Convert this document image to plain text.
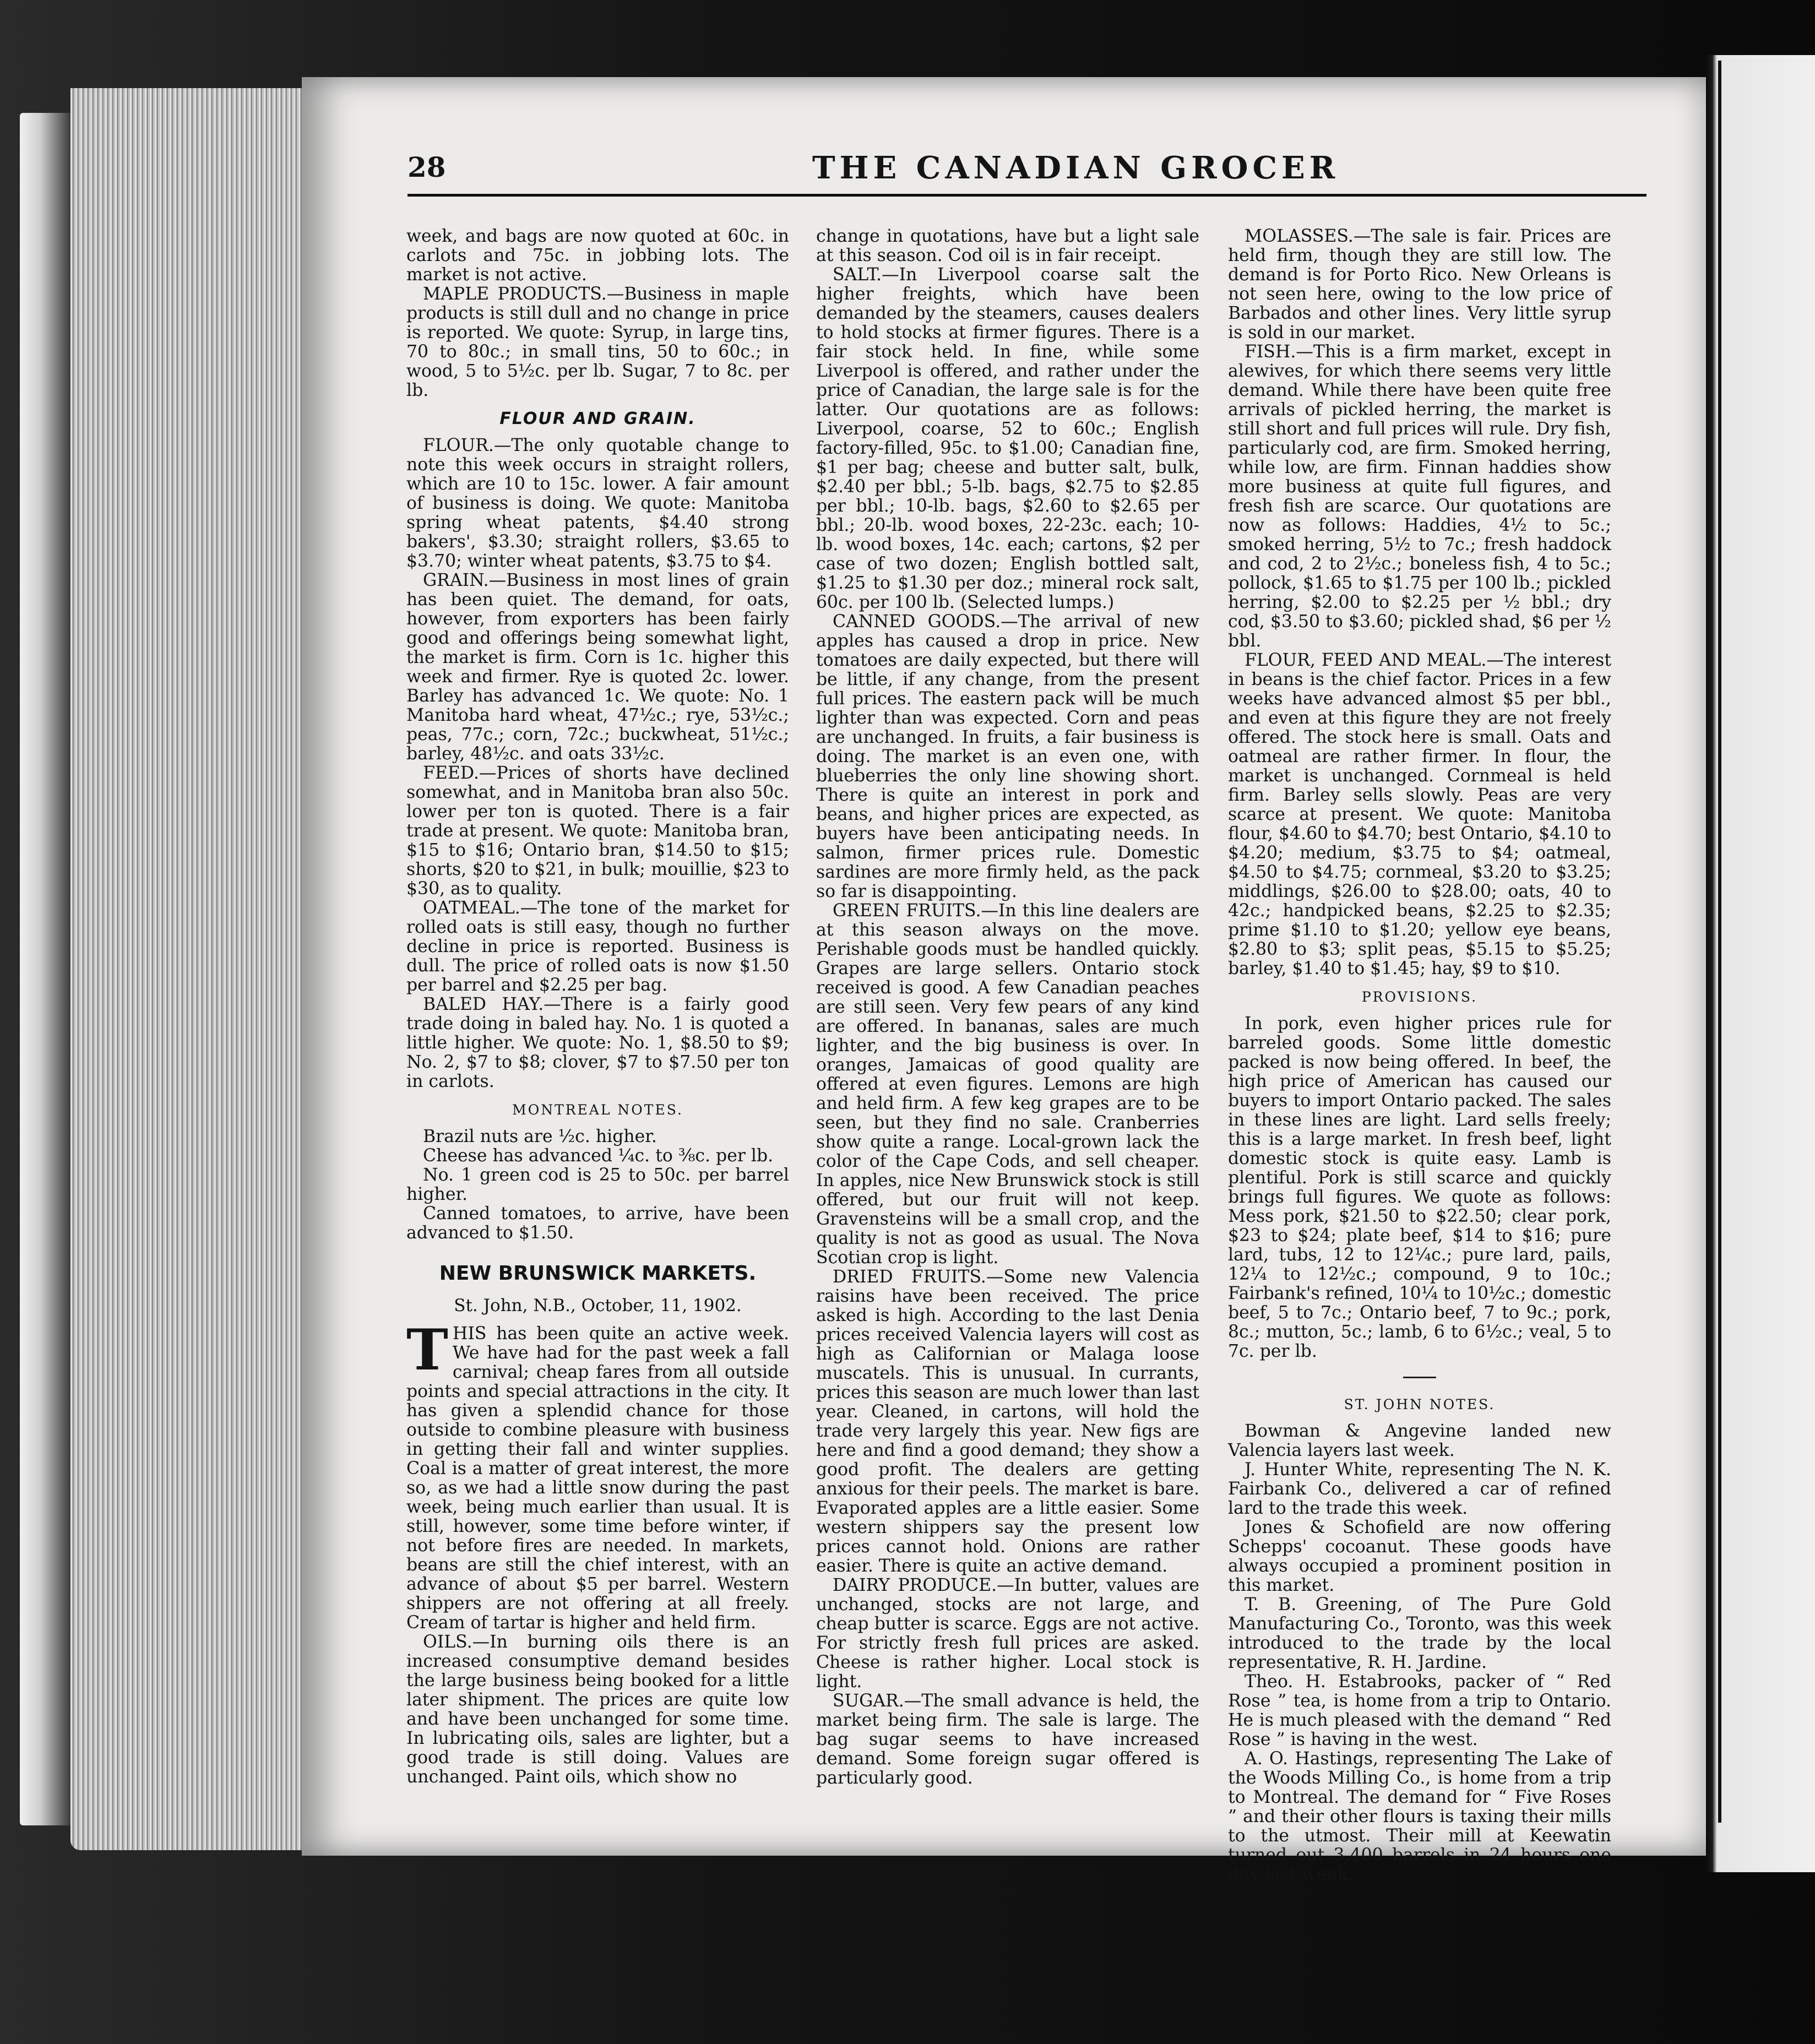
28	THE CANADIAN GROCER

week, and bags are now quoted at 60c. in carlots and 75c. in jobbing lots. The market is not active.

MAPLE PRODUCTS.—Business in maple products is still dull and no change in price is reported. We quote: Syrup, in large tins, 70 to 80c.; in small tins, 50 to 60c.; in wood, 5 to 5½c. per lb. Sugar, 7 to 8c. per lb.

FLOUR AND GRAIN.

FLOUR.—The only quotable change to note this week occurs in straight rollers, which are 10 to 15c. lower. A fair amount of business is doing. We quote: Manitoba spring wheat patents, $4.40 strong bakers', $3.30; straight rollers, $3.65 to $3.70; winter wheat patents, $3.75 to $4.

GRAIN.—Business in most lines of grain has been quiet. The demand, for oats, however, from exporters has been fairly good and offerings being somewhat light, the market is firm. Corn is 1c. higher this week and firmer. Rye is quoted 2c. lower. Barley has advanced 1c. We quote: No. 1 Manitoba hard wheat, 47½c.; rye, 53½c.; peas, 77c.; corn, 72c.; buckwheat, 51½c.; barley, 48½c. and oats 33½c.

FEED.—Prices of shorts have declined somewhat, and in Manitoba bran also 50c. lower per ton is quoted. There is a fair trade at present. We quote: Manitoba bran, $15 to $16; Ontario bran, $14.50 to $15; shorts, $20 to $21, in bulk; mouillie, $23 to $30, as to quality.

OATMEAL.—The tone of the market for rolled oats is still easy, though no further decline in price is reported. Business is dull. The price of rolled oats is now $1.50 per barrel and $2.25 per bag.

BALED HAY.—There is a fairly good trade doing in baled hay. No. 1 is quoted a little higher. We quote: No. 1, $8.50 to $9; No. 2, $7 to $8; clover, $7 to $7.50 per ton in carlots.

MONTREAL NOTES.

Brazil nuts are ½c. higher.

Cheese has advanced ¼c. to ⅜c. per lb.

No. 1 green cod is 25 to 50c. per barrel higher.

Canned tomatoes, to arrive, have been advanced to $1.50.

NEW BRUNSWICK MARKETS.
St. John, N.B., October, 11, 1902.

THIS has been quite an active week. We have had for the past week a fall carnival; cheap fares from all outside points and special attractions in the city. It has given a splendid chance for those outside to combine pleasure with business in getting their fall and winter supplies. Coal is a matter of great interest, the more so, as we had a little snow during the past week, being much earlier than usual. It is still, however, some time before winter, if not before fires are needed. In markets, beans are still the chief interest, with an advance of about $5 per barrel. Western shippers are not offering at all freely. Cream of tartar is higher and held firm.

OILS.—In burning oils there is an increased consumptive demand besides the large business being booked for a little later shipment. The prices are quite low and have been unchanged for some time. In lubricating oils, sales are lighter, but a good trade is still doing. Values are unchanged. Paint oils, which show no

change in quotations, have but a light sale at this season. Cod oil is in fair receipt.

SALT.—In Liverpool coarse salt the higher freights, which have been demanded by the steamers, causes dealers to hold stocks at firmer figures. There is a fair stock held. In fine, while some Liverpool is offered, and rather under the price of Canadian, the large sale is for the latter. Our quotations are as follows: Liverpool, coarse, 52 to 60c.; English factory-filled, 95c. to $1.00; Canadian fine, $1 per bag; cheese and butter salt, bulk, $2.40 per bbl.; 5-lb. bags, $2.75 to $2.85 per bbl.; 10-lb. bags, $2.60 to $2.65 per bbl.; 20-lb. wood boxes, 22-23c. each; 10-lb. wood boxes, 14c. each; cartons, $2 per case of two dozen; English bottled salt, $1.25 to $1.30 per doz.; mineral rock salt, 60c. per 100 lb. (Selected lumps.)

CANNED GOODS.—The arrival of new apples has caused a drop in price. New tomatoes are daily expected, but there will be little, if any change, from the present full prices. The eastern pack will be much lighter than was expected. Corn and peas are unchanged. In fruits, a fair business is doing. The market is an even one, with blueberries the only line showing short. There is quite an interest in pork and beans, and higher prices are expected, as buyers have been anticipating needs. In salmon, firmer prices rule. Domestic sardines are more firmly held, as the pack so far is disappointing.

GREEN FRUITS.—In this line dealers are at this season always on the move. Perishable goods must be handled quickly. Grapes are large sellers. Ontario stock received is good. A few Canadian peaches are still seen. Very few pears of any kind are offered. In bananas, sales are much lighter, and the big business is over. In oranges, Jamaicas of good quality are offered at even figures. Lemons are high and held firm. A few keg grapes are to be seen, but they find no sale. Cranberries show quite a range. Local-grown lack the color of the Cape Cods, and sell cheaper. In apples, nice New Brunswick stock is still offered, but our fruit will not keep. Gravensteins will be a small crop, and the quality is not as good as usual. The Nova Scotian crop is light.

DRIED FRUITS.—Some new Valencia raisins have been received. The price asked is high. According to the last Denia prices received Valencia layers will cost as high as Californian or Malaga loose muscatels. This is unusual. In currants, prices this season are much lower than last year. Cleaned, in cartons, will hold the trade very largely this year. New figs are here and find a good demand; they show a good profit. The dealers are getting anxious for their peels. The market is bare. Evaporated apples are a little easier. Some western shippers say the present low prices cannot hold. Onions are rather easier. There is quite an active demand.

DAIRY PRODUCE.—In butter, values are unchanged, stocks are not large, and cheap butter is scarce. Eggs are not active. For strictly fresh full prices are asked. Cheese is rather higher. Local stock is light.

SUGAR.—The small advance is held, the market being firm. The sale is large. The bag sugar seems to have increased demand. Some foreign sugar offered is particularly good.

MOLASSES.—The sale is fair. Prices are held firm, though they are still low. The demand is for Porto Rico. New Orleans is not seen here, owing to the low price of Barbados and other lines. Very little syrup is sold in our market.

FISH.—This is a firm market, except in alewives, for which there seems very little demand. While there have been quite free arrivals of pickled herring, the market is still short and full prices will rule. Dry fish, particularly cod, are firm. Smoked herring, while low, are firm. Finnan haddies show more business at quite full figures, and fresh fish are scarce. Our quotations are now as follows: Haddies, 4½ to 5c.; smoked herring, 5½ to 7c.; fresh haddock and cod, 2 to 2½c.; boneless fish, 4 to 5c.; pollock, $1.65 to $1.75 per 100 lb.; pickled herring, $2.00 to $2.25 per ½ bbl.; dry cod, $3.50 to $3.60; pickled shad, $6 per ½ bbl.

FLOUR, FEED AND MEAL.—The interest in beans is the chief factor. Prices in a few weeks have advanced almost $5 per bbl., and even at this figure they are not freely offered. The stock here is small. Oats and oatmeal are rather firmer. In flour, the market is unchanged. Cornmeal is held firm. Barley sells slowly. Peas are very scarce at present. We quote: Manitoba flour, $4.60 to $4.70; best Ontario, $4.10 to $4.20; medium, $3.75 to $4; oatmeal, $4.50 to $4.75; cornmeal, $3.20 to $3.25; middlings, $26.00 to $28.00; oats, 40 to 42c.; handpicked beans, $2.25 to $2.35; prime $1.10 to $1.20; yellow eye beans, $2.80 to $3; split peas, $5.15 to $5.25; barley, $1.40 to $1.45; hay, $9 to $10.

PROVISIONS.

In pork, even higher prices rule for barreled goods. Some little domestic packed is now being offered. In beef, the high price of American has caused our buyers to import Ontario packed. The sales in these lines are light. Lard sells freely; this is a large market. In fresh beef, light domestic stock is quite easy. Lamb is plentiful. Pork is still scarce and quickly brings full figures. We quote as follows: Mess pork, $21.50 to $22.50; clear pork, $23 to $24; plate beef, $14 to $16; pure lard, tubs, 12 to 12¼c.; pure lard, pails, 12¼ to 12½c.; compound, 9 to 10c.; Fairbank's refined, 10¼ to 10½c.; domestic beef, 5 to 7c.; Ontario beef, 7 to 9c.; pork, 8c.; mutton, 5c.; lamb, 6 to 6½c.; veal, 5 to 7c. per lb.

ST. JOHN NOTES.

Bowman & Angevine landed new Valencia layers last week.

J. Hunter White, representing The N. K. Fairbank Co., delivered a car of refined lard to the trade this week.

Jones & Schofield are now offering Schepps' cocoanut. These goods have always occupied a prominent position in this market.

T. B. Greening, of The Pure Gold Manufacturing Co., Toronto, was this week introduced to the trade by the local representative, R. H. Jardine.

Theo. H. Estabrooks, packer of “ Red Rose ” tea, is home from a trip to Ontario. He is much pleased with the demand “ Red Rose ” is having in the west.

A. O. Hastings, representing The Lake of the Woods Milling Co., is home from a trip to Montreal. The demand for “ Five Roses ” and their other flours is taxing their mills to the utmost. Their mill at Keewatin turned out 3,400 barrels in 24 hours one day last week.
